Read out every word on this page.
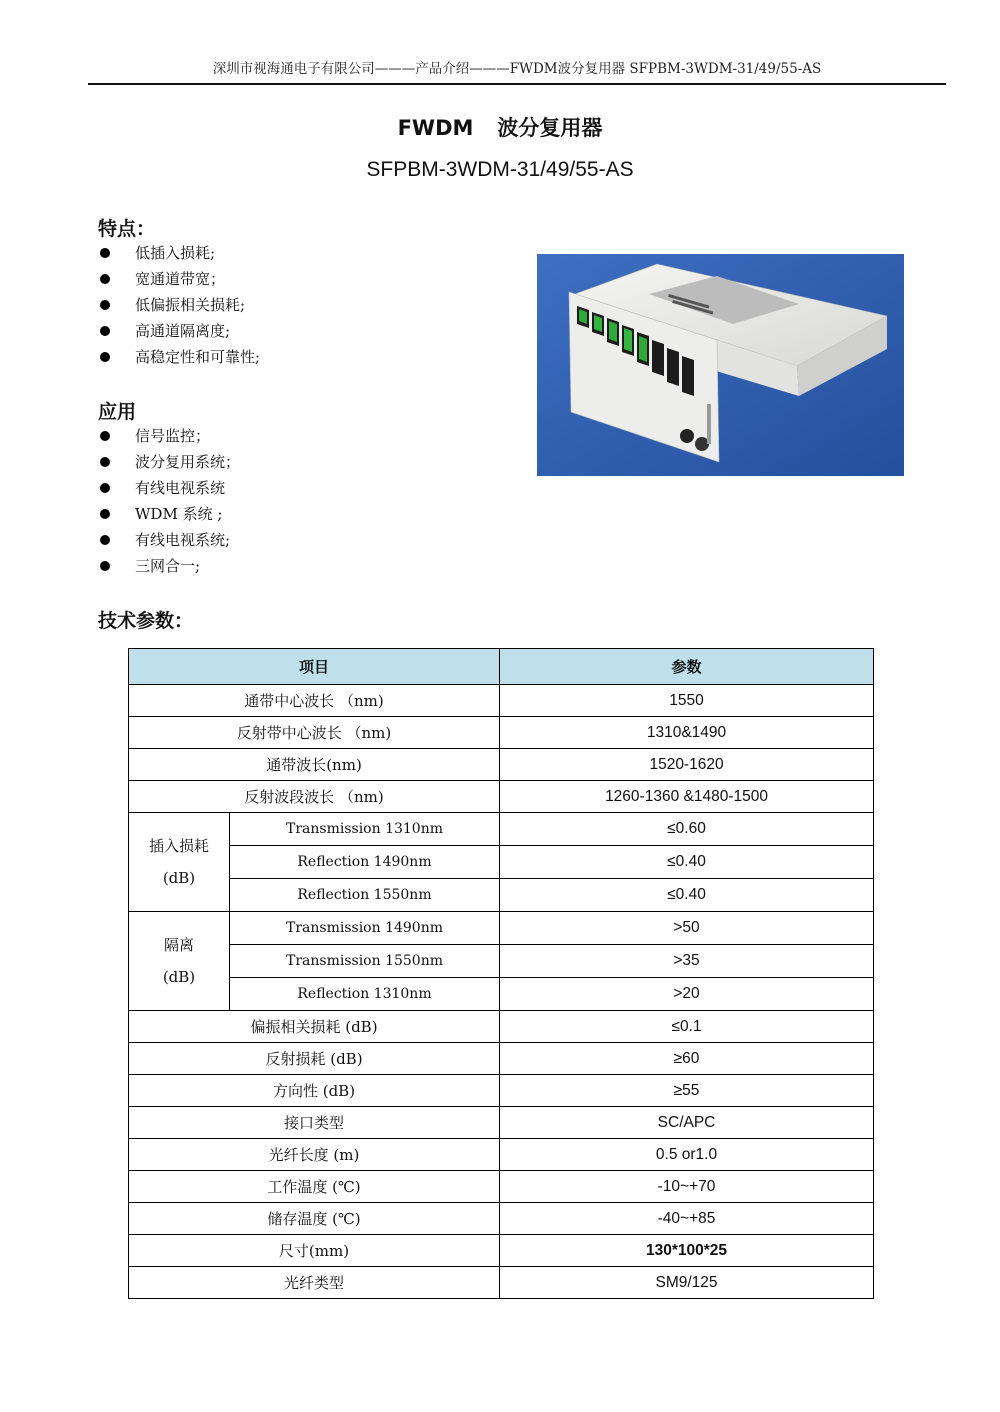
深圳市视海通电子有限公司———产品介绍———FWDM波分复用器 SFPBM-3WDM-31/49/55-AS
FWDM 波分复用器
SFPBM-3WDM-31/49/55-AS
特点：
低插入损耗;
宽通道带宽；
低偏振相关损耗;
高通道隔离度;
高稳定性和可靠性;
应用
信号监控；
波分复用系统；
有线电视系统
WDM 系统 ;
有线电视系统;
三网合一;
技术参数：
项目		参数
通带中心波长 （nm)		1550
反射带中心波长 （nm)		1310&1490
通带波长(nm)		1520-1620
反射波段波长 （nm)		1260-1360 &1480-1500

插入损耗
(dB)	Transmission 1310nm	≤0.60
	Reflection 1490nm	≤0.40
	Reflection 1550nm	≤0.40

隔离
(dB)	Transmission 1490nm	>50
	Transmission 1550nm	>35
	Reflection 1310nm	>20
偏振相关损耗 (dB)		≤0.1
反射损耗 (dB)		≥60
方向性 (dB)		≥55
接口类型		SC/APC
光纤长度 (m)		0.5 or1.0
工作温度 (℃)		-10~+70
储存温度 (℃)		-40~+85
尺寸(mm)		130*100*25
光纤类型		SM9/125
